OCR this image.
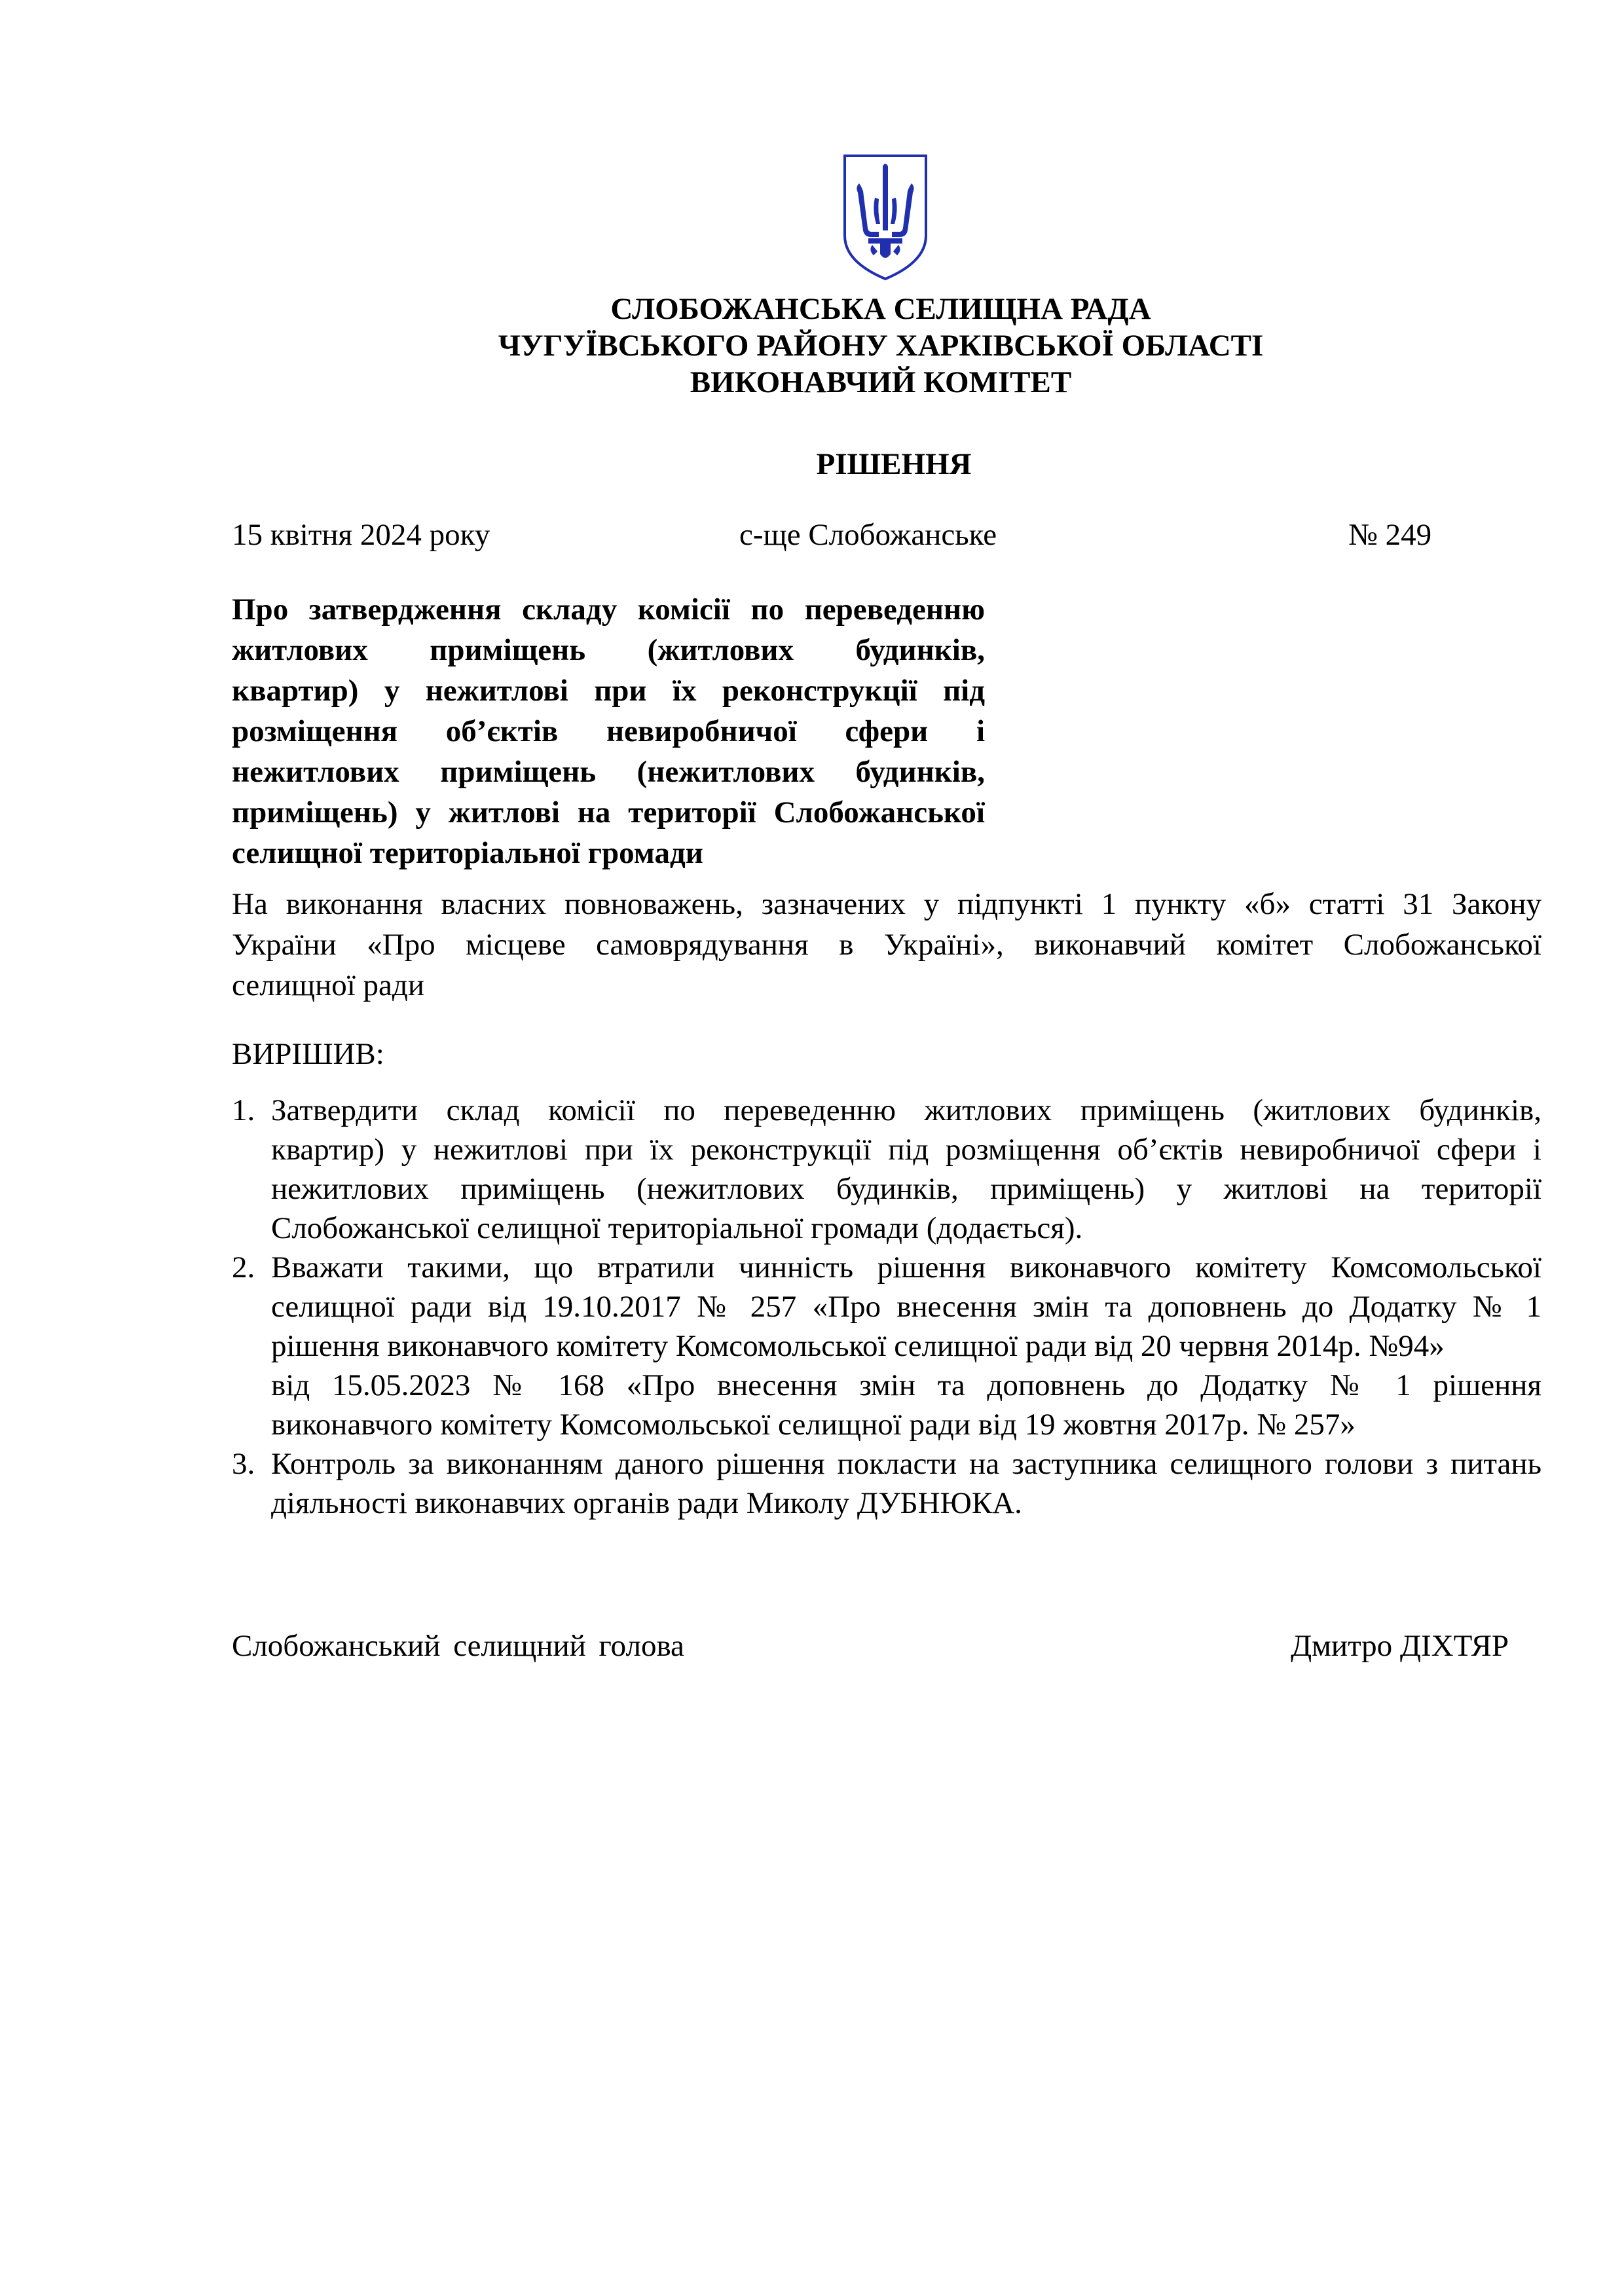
СЛОБОЖАНСЬКА СЕЛИЩНА РАДА
ЧУГУЇВСЬКОГО РАЙОНУ ХАРКІВСЬКОЇ ОБЛАСТІ
ВИКОНАВЧИЙ КОМІТЕТ
РІШЕННЯ
15 квітня 2024 року	с-ще Слобожанське	№ 249
Про затвердження складу комісії по переведенню
житлових приміщень (житлових будинків,
квартир) у нежитлові при їх реконструкції під
розміщення об’єктів невиробничої сфери і
нежитлових приміщень (нежитлових будинків,
приміщень) у житлові на території Слобожанської
селищної територіальної громади
На виконання власних повноважень, зазначених у підпункті 1 пункту «б» статті 31 Закону
України «Про місцеве самоврядування в Україні», виконавчий комітет Слобожанської
селищної ради
ВИРІШИВ:
1. Затвердити склад комісії по переведенню житлових приміщень (житлових будинків,
квартир) у нежитлові при їх реконструкції під розміщення об’єктів невиробничої сфери і
нежитлових приміщень (нежитлових будинків, приміщень) у житлові на території
Слобожанської селищної територіальної громади (додається).
2. Вважати такими, що втратили чинність рішення виконавчого комітету Комсомольської
селищної ради від 19.10.2017 № 257 «Про внесення змін та доповнень до Додатку № 1
рішення виконавчого комітету Комсомольської селищної ради від 20 червня 2014р. №94»
від 15.05.2023 № 168 «Про внесення змін та доповнень до Додатку № 1 рішення
виконавчого комітету Комсомольської селищної ради від 19 жовтня 2017р. № 257»
3. Контроль за виконанням даного рішення покласти на заступника селищного голови з питань
діяльності виконавчих органів ради Миколу ДУБНЮКА.
Слобожанський селищний голова	Дмитро ДІХТЯР
